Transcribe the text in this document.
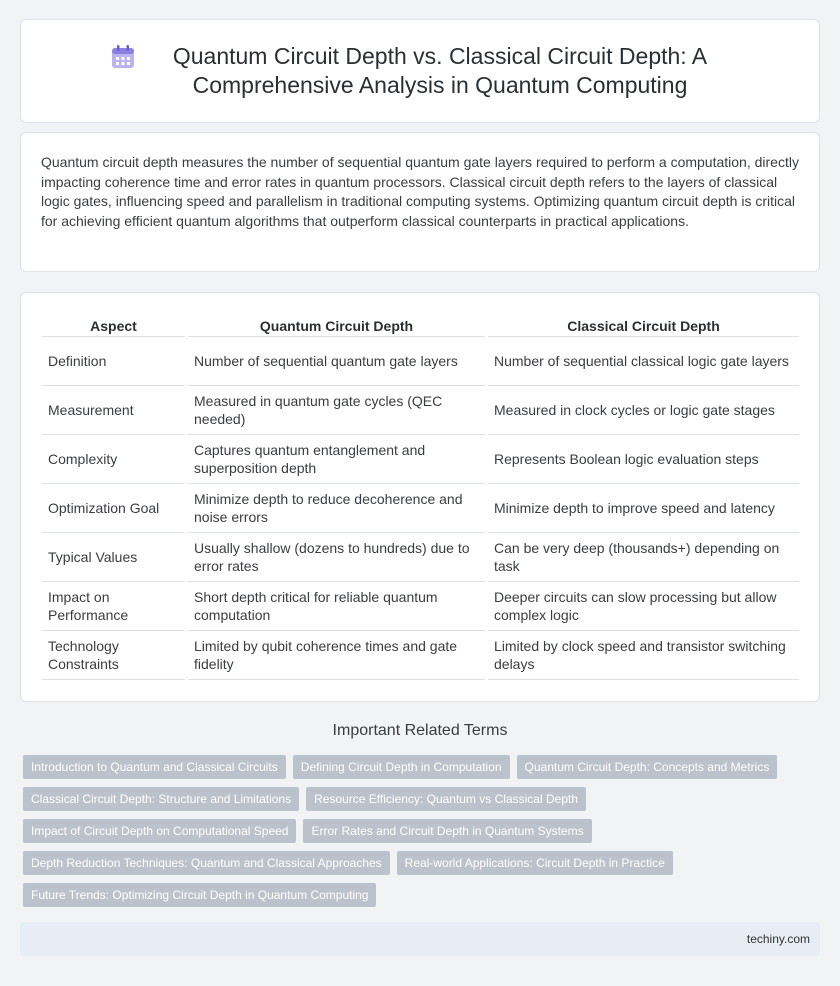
Quantum Circuit Depth vs. Classical Circuit Depth: A Comprehensive Analysis in Quantum Computing

Quantum circuit depth measures the number of sequential quantum gate layers required to perform a computation, directly impacting coherence time and error rates in quantum processors. Classical circuit depth refers to the layers of classical logic gates, influencing speed and parallelism in traditional computing systems. Optimizing quantum circuit depth is critical for achieving efficient quantum algorithms that outperform classical counterparts in practical applications.

Aspect	Quantum Circuit Depth	Classical Circuit Depth
Definition	Number of sequential quantum gate layers	Number of sequential classical logic gate layers
Measurement	Measured in quantum gate cycles (QEC needed)	Measured in clock cycles or logic gate stages
Complexity	Captures quantum entanglement and superposition depth	Represents Boolean logic evaluation steps
Optimization Goal	Minimize depth to reduce decoherence and noise errors	Minimize depth to improve speed and latency
Typical Values	Usually shallow (dozens to hundreds) due to error rates	Can be very deep (thousands+) depending on task
Impact on Performance	Short depth critical for reliable quantum computation	Deeper circuits can slow processing but allow complex logic
Technology Constraints	Limited by qubit coherence times and gate fidelity	Limited by clock speed and transistor switching delays
Important Related Terms
Introduction to Quantum and Classical Circuits	Defining Circuit Depth in Computation	Quantum Circuit Depth: Concepts and Metrics
Classical Circuit Depth: Structure and Limitations	Resource Efficiency: Quantum vs Classical Depth
Impact of Circuit Depth on Computational Speed	Error Rates and Circuit Depth in Quantum Systems
Depth Reduction Techniques: Quantum and Classical Approaches	Real-world Applications: Circuit Depth in Practice
Future Trends: Optimizing Circuit Depth in Quantum Computing
techiny.com
